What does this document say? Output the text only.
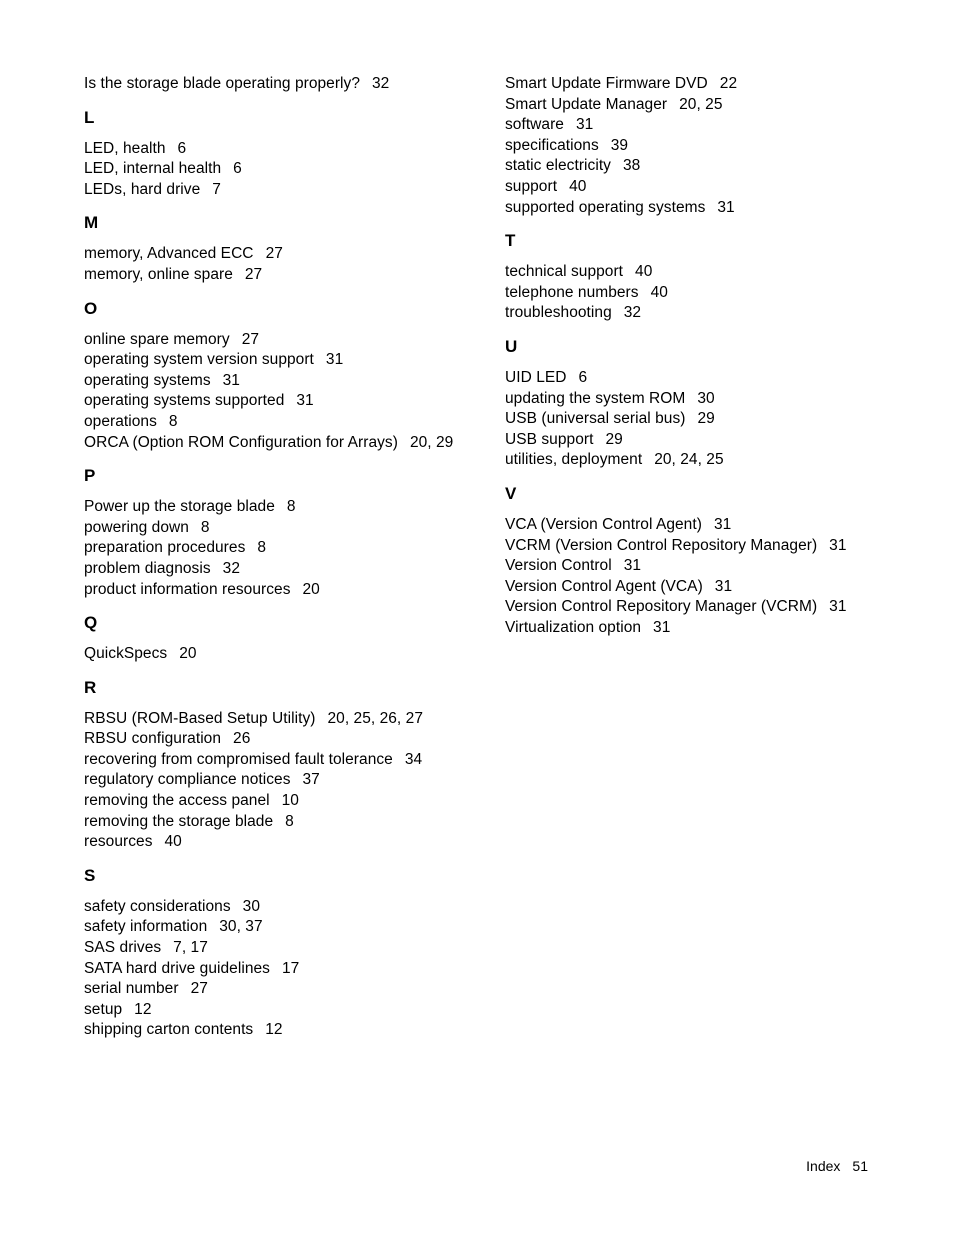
Is the storage blade operating properly? 32
L
LED, health 6
LED, internal health 6
LEDs, hard drive 7
M
memory, Advanced ECC 27
memory, online spare 27
O
online spare memory 27
operating system version support 31
operating systems 31
operating systems supported 31
operations 8
ORCA (Option ROM Configuration for Arrays) 20, 29
P
Power up the storage blade 8
powering down 8
preparation procedures 8
problem diagnosis 32
product information resources 20
Q
QuickSpecs 20
R
RBSU (ROM-Based Setup Utility) 20, 25, 26, 27
RBSU configuration 26
recovering from compromised fault tolerance 34
regulatory compliance notices 37
removing the access panel 10
removing the storage blade 8
resources 40
S
safety considerations 30
safety information 30, 37
SAS drives 7, 17
SATA hard drive guidelines 17
serial number 27
setup 12
shipping carton contents 12
Smart Update Firmware DVD 22
Smart Update Manager 20, 25
software 31
specifications 39
static electricity 38
support 40
supported operating systems 31
T
technical support 40
telephone numbers 40
troubleshooting 32
U
UID LED 6
updating the system ROM 30
USB (universal serial bus) 29
USB support 29
utilities, deployment 20, 24, 25
V
VCA (Version Control Agent) 31
VCRM (Version Control Repository Manager) 31
Version Control 31
Version Control Agent (VCA) 31
Version Control Repository Manager (VCRM) 31
Virtualization option 31
Index 51
